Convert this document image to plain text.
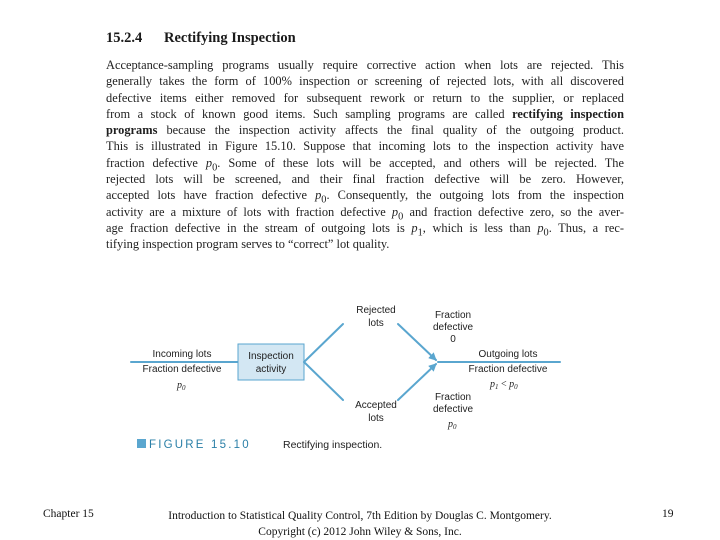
15.2.4 Rectifying Inspection
Acceptance-sampling programs usually require corrective action when lots are rejected. This
generally takes the form of 100% inspection or screening of rejected lots, with all discovered
defective items either removed for subsequent rework or return to the supplier, or replaced
from a stock of known good items. Such sampling programs are called rectifying inspection
programs because the inspection activity affects the final quality of the outgoing product.
This is illustrated in Figure 15.10. Suppose that incoming lots to the inspection activity have
fraction defective $p_0$. Some of these lots will be accepted, and others will be rejected. The
rejected lots will be screened, and their final fraction defective will be zero. However,
accepted lots have fraction defective $p_0$. Consequently, the outgoing lots from the inspection
activity are a mixture of lots with fraction defective $p_0$ and fraction defective zero, so the aver-
age fraction defective in the stream of outgoing lots is $p_1$, which is less than $p_0$. Thus, a rec-
tifying inspection program serves to “correct” lot quality.
Inspection
activity
Incoming lots
Fraction defective
$p_0$
Rejected
lots
Accepted
lots
Fraction
defective
0
Fraction
defective
$p_0$
Outgoing lots
Fraction defective
$p_1 < p_0$
FIGURE 15.10	Rectifying inspection.
Chapter 15	Introduction to Statistical Quality Control, 7th Edition by Douglas C. Montgomery.
Copyright (c) 2012 John Wiley & Sons, Inc.
19
